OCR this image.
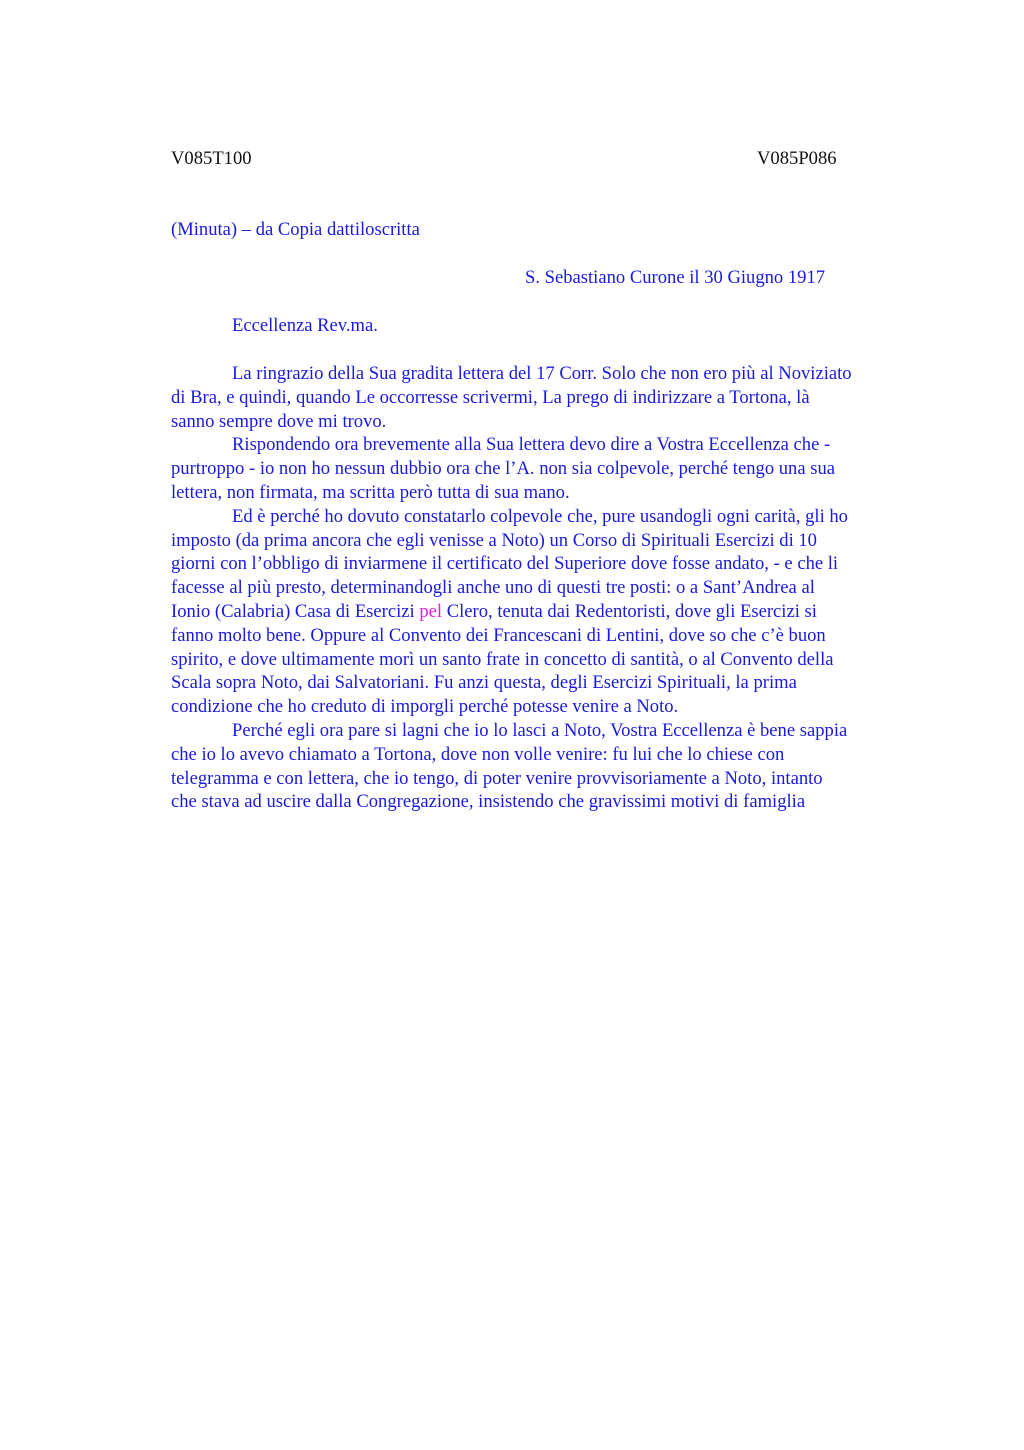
V085T100	V085P086
(Minuta) – da Copia dattiloscritta
S. Sebastiano Curone il 30 Giugno 1917
Eccellenza Rev.ma.
La ringrazio della Sua gradita lettera del 17 Corr. Solo che non ero più al Noviziato
di Bra, e quindi, quando Le occorresse scrivermi, La prego di indirizzare a Tortona, là
sanno sempre dove mi trovo.
Rispondendo ora brevemente alla Sua lettera devo dire a Vostra Eccellenza che -
purtroppo - io non ho nessun dubbio ora che l’A. non sia colpevole, perché tengo una sua
lettera, non firmata, ma scritta però tutta di sua mano.
Ed è perché ho dovuto constatarlo colpevole che, pure usandogli ogni carità, gli ho
imposto (da prima ancora che egli venisse a Noto) un Corso di Spirituali Esercizi di 10
giorni con l’obbligo di inviarmene il certificato del Superiore dove fosse andato, - e che li
facesse al più presto, determinandogli anche uno di questi tre posti: o a Sant’Andrea al
Ionio (Calabria) Casa di Esercizi pel Clero, tenuta dai Redentoristi, dove gli Esercizi si
fanno molto bene. Oppure al Convento dei Francescani di Lentini, dove so che c’è buon
spirito, e dove ultimamente morì un santo frate in concetto di santità, o al Convento della
Scala sopra Noto, dai Salvatoriani. Fu anzi questa, degli Esercizi Spirituali, la prima
condizione che ho creduto di imporgli perché potesse venire a Noto.
Perché egli ora pare si lagni che io lo lasci a Noto, Vostra Eccellenza è bene sappia
che io lo avevo chiamato a Tortona, dove non volle venire: fu lui che lo chiese con
telegramma e con lettera, che io tengo, di poter venire provvisoriamente a Noto, intanto
che stava ad uscire dalla Congregazione, insistendo che gravissimi motivi di famiglia
